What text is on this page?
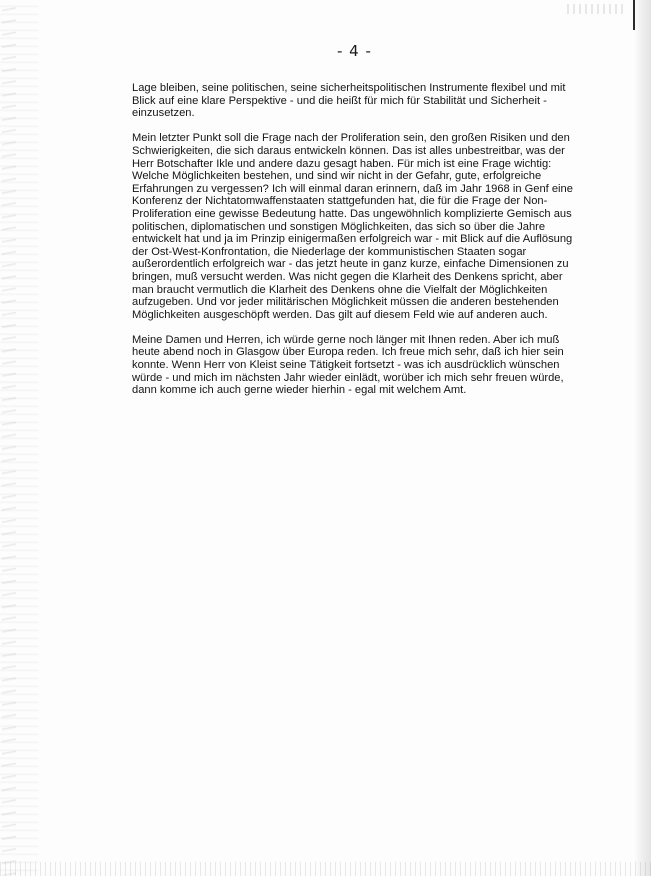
- 4 -

Lage bleiben, seine politischen, seine sicherheitspolitischen Instrumente flexibel und mit
Blick auf eine klare Perspektive - und die heißt für mich für Stabilität und Sicherheit -
einzusetzen.

Mein letzter Punkt soll die Frage nach der Proliferation sein, den großen Risiken und den
Schwierigkeiten, die sich daraus entwickeln können. Das ist alles unbestreitbar, was der
Herr Botschafter Ikle und andere dazu gesagt haben. Für mich ist eine Frage wichtig:
Welche Möglichkeiten bestehen, und sind wir nicht in der Gefahr, gute, erfolgreiche
Erfahrungen zu vergessen? Ich will einmal daran erinnern, daß im Jahr 1968 in Genf eine
Konferenz der Nichtatomwaffenstaaten stattgefunden hat, die für die Frage der Non-
Proliferation eine gewisse Bedeutung hatte. Das ungewöhnlich komplizierte Gemisch aus
politischen, diplomatischen und sonstigen Möglichkeiten, das sich so über die Jahre
entwickelt hat und ja im Prinzip einigermaßen erfolgreich war - mit Blick auf die Auflösung
der Ost-West-Konfrontation, die Niederlage der kommunistischen Staaten sogar
außerordentlich erfolgreich war - das jetzt heute in ganz kurze, einfache Dimensionen zu
bringen, muß versucht werden. Was nicht gegen die Klarheit des Denkens spricht, aber
man braucht vermutlich die Klarheit des Denkens ohne die Vielfalt der Möglichkeiten
aufzugeben. Und vor jeder militärischen Möglichkeit müssen die anderen bestehenden
Möglichkeiten ausgeschöpft werden. Das gilt auf diesem Feld wie auf anderen auch.

Meine Damen und Herren, ich würde gerne noch länger mit Ihnen reden. Aber ich muß
heute abend noch in Glasgow über Europa reden. Ich freue mich sehr, daß ich hier sein
konnte. Wenn Herr von Kleist seine Tätigkeit fortsetzt - was ich ausdrücklich wünschen
würde - und mich im nächsten Jahr wieder einlädt, worüber ich mich sehr freuen würde,
dann komme ich auch gerne wieder hierhin - egal mit welchem Amt.
